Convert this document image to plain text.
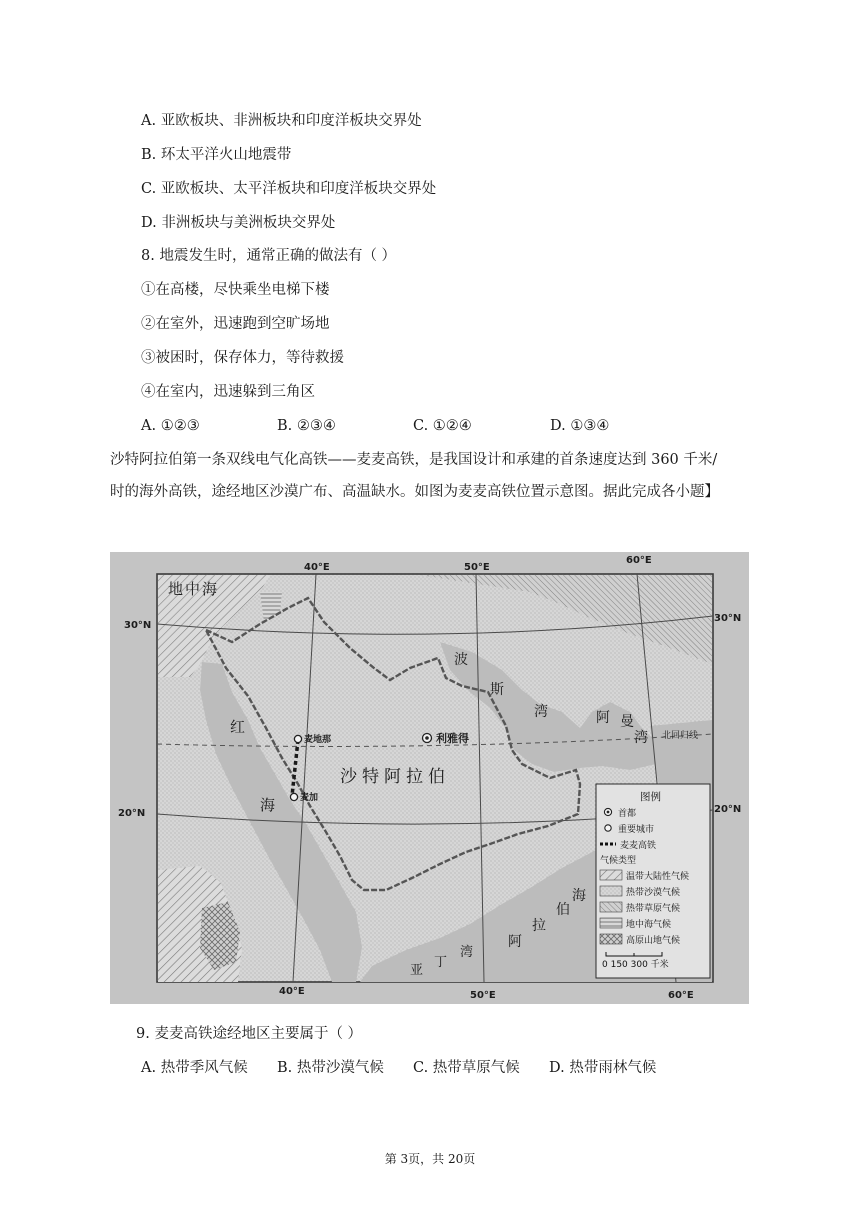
A. 亚欧板块、非洲板块和印度洋板块交界处
B. 环太平洋火山地震带
C. 亚欧板块、太平洋板块和印度洋板块交界处
D. 非洲板块与美洲板块交界处
8. 地震发生时，通常正确的做法有（ ）
①在高楼，尽快乘坐电梯下楼
②在室外，迅速跑到空旷场地
③被困时，保存体力，等待救援
④在室内，迅速躲到三角区
A. ①②③	B. ②③④	C. ①②④	D. ①③④
沙特阿拉伯第一条双线电气化高铁——麦麦高铁，是我国设计和承建的首条速度达到 360 千米/
时的海外高铁，途经地区沙漠广布、高温缺水。如图为麦麦高铁位置示意图。据此完成各小题】
40°E	50°E
60°E
40°E	50°E	60°E
30°N
20°N
30°N
20°N
地中海
红
海
波
斯
湾	阿 曼
湾 北回归线
沙特阿拉伯
利雅得
麦地那
麦加
海
伯
拉
阿
亚
丁
湾
图例
首都
重要城市
麦麦高铁
气候类型
温带大陆性气候
热带沙漠气候
热带草原气候
地中海气候
高原山地气候
0 150 300 千米
9. 麦麦高铁途经地区主要属于（ ）
A. 热带季风气候 B. 热带沙漠气候 C. 热带草原气候 D. 热带雨林气候
第 3页，共 20页
